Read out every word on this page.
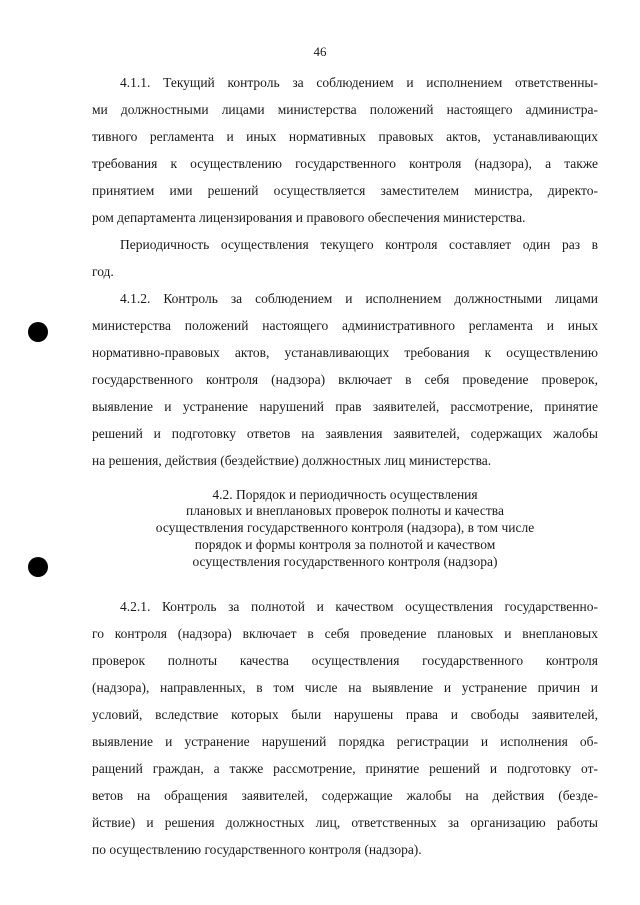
46
4.1.1. Текущий контроль за соблюдением и исполнением ответственны-
ми должностными лицами министерства положений настоящего администра-
тивного регламента и иных нормативных правовых актов, устанавливающих
требования к осуществлению государственного контроля (надзора), а также
принятием ими решений осуществляется заместителем министра, директо-
ром департамента лицензирования и правового обеспечения министерства.
Периодичность осуществления текущего контроля составляет один раз в
год.
4.1.2. Контроль за соблюдением и исполнением должностными лицами
министерства положений настоящего административного регламента и иных
нормативно-правовых актов, устанавливающих требования к осуществлению
государственного контроля (надзора) включает в себя проведение проверок,
выявление и устранение нарушений прав заявителей, рассмотрение, принятие
решений и подготовку ответов на заявления заявителей, содержащих жалобы
на решения, действия (бездействие) должностных лиц министерства.
4.2. Порядок и периодичность осуществления
плановых и внеплановых проверок полноты и качества
осуществления государственного контроля (надзора), в том числе
порядок и формы контроля за полнотой и качеством
осуществления государственного контроля (надзора)
4.2.1. Контроль за полнотой и качеством осуществления государственно-
го контроля (надзора) включает в себя проведение плановых и внеплановых
проверок полноты качества осуществления государственного контроля
(надзора), направленных, в том числе на выявление и устранение причин и
условий, вследствие которых были нарушены права и свободы заявителей,
выявление и устранение нарушений порядка регистрации и исполнения об-
ращений граждан, а также рассмотрение, принятие решений и подготовку от-
ветов на обращения заявителей, содержащие жалобы на действия (безде-
йствие) и решения должностных лиц, ответственных за организацию работы
по осуществлению государственного контроля (надзора).
